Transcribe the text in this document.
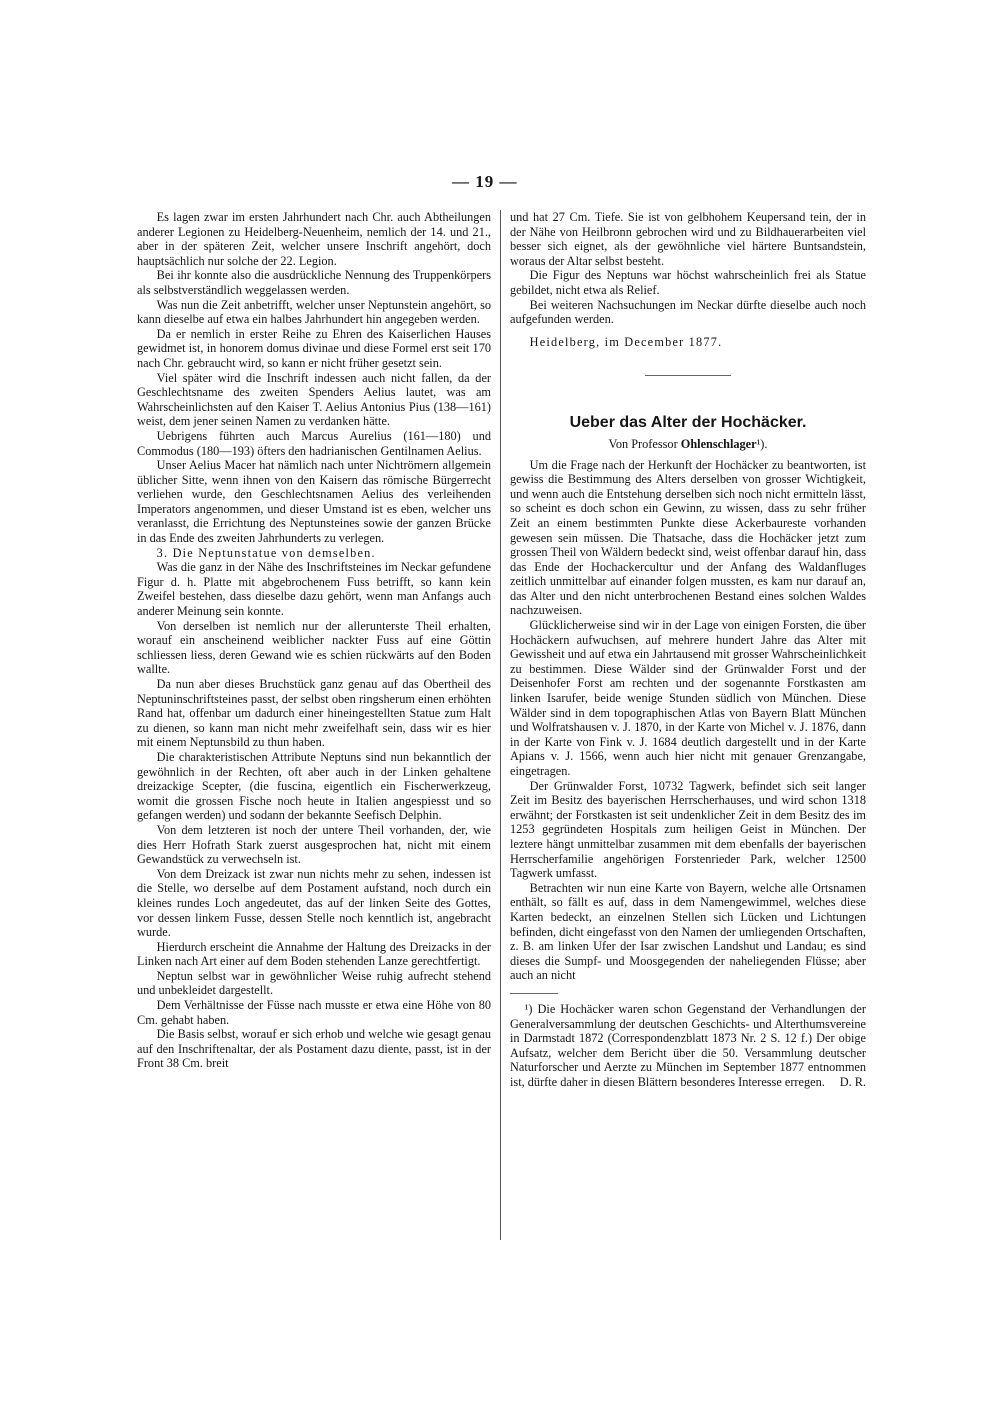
— 19 —

Es lagen zwar im ersten Jahrhundert nach Chr. auch Abtheilungen anderer Legionen zu Heidelberg-Neuenheim, nemlich der 14. und 21., aber in der späteren Zeit, welcher unsere Inschrift angehört, doch hauptsächlich nur solche der 22. Legion.

Bei ihr konnte also die ausdrückliche Nennung des Truppenkörpers als selbstverständlich weggelassen werden.

Was nun die Zeit anbetrifft, welcher unser Neptunstein angehört, so kann dieselbe auf etwa ein halbes Jahrhundert hin angegeben werden.

Da er nemlich in erster Reihe zu Ehren des Kaiserlichen Hauses gewidmet ist, in honorem domus divinae und diese Formel erst seit 170 nach Chr. gebraucht wird, so kann er nicht früher gesetzt sein.

Viel später wird die Inschrift indessen auch nicht fallen, da der Geschlechtsname des zweiten Spenders Aelius lautet, was am Wahrscheinlichsten auf den Kaiser T. Aelius Antonius Pius (138—161) weist, dem jener seinen Namen zu verdanken hätte.

Uebrigens führten auch Marcus Aurelius (161—180) und Commodus (180—193) öfters den hadrianischen Gentilnamen Aelius.

Unser Aelius Macer hat nämlich nach unter Nichtrömern allgemein üblicher Sitte, wenn ihnen von den Kaisern das römische Bürgerrecht verliehen wurde, den Geschlechtsnamen Aelius des verleihenden Imperators angenommen, und dieser Umstand ist es eben, welcher uns veranlasst, die Errichtung des Neptunsteines sowie der ganzen Brücke in das Ende des zweiten Jahrhunderts zu verlegen.

3. Die Neptunstatue von demselben.

Was die ganz in der Nähe des Inschriftsteines im Neckar gefundene Figur d. h. Platte mit abgebrochenem Fuss betrifft, so kann kein Zweifel bestehen, dass dieselbe dazu gehört, wenn man Anfangs auch anderer Meinung sein konnte.

Von derselben ist nemlich nur der allerunterste Theil erhalten, worauf ein anscheinend weiblicher nackter Fuss auf eine Göttin schliessen liess, deren Gewand wie es schien rückwärts auf den Boden wallte.

Da nun aber dieses Bruchstück ganz genau auf das Obertheil des Neptuninschriftsteines passt, der selbst oben ringsherum einen erhöhten Rand hat, offenbar um dadurch einer hineingestellten Statue zum Halt zu dienen, so kann man nicht mehr zweifelhaft sein, dass wir es hier mit einem Neptunsbild zu thun haben.

Die charakteristischen Attribute Neptuns sind nun bekanntlich der gewöhnlich in der Rechten, oft aber auch in der Linken gehaltene dreizackige Scepter, (die fuscina, eigentlich ein Fischerwerkzeug, womit die grossen Fische noch heute in Italien angespiesst und so gefangen werden) und sodann der bekannte Seefisch Delphin.

Von dem letzteren ist noch der untere Theil vorhanden, der, wie dies Herr Hofrath Stark zuerst ausgesprochen hat, nicht mit einem Gewandstück zu verwechseln ist.

Von dem Dreizack ist zwar nun nichts mehr zu sehen, indessen ist die Stelle, wo derselbe auf dem Postament aufstand, noch durch ein kleines rundes Loch angedeutet, das auf der linken Seite des Gottes, vor dessen linkem Fusse, dessen Stelle noch kenntlich ist, angebracht wurde.

Hierdurch erscheint die Annahme der Haltung des Dreizacks in der Linken nach Art einer auf dem Boden stehenden Lanze gerechtfertigt.

Neptun selbst war in gewöhnlicher Weise ruhig aufrecht stehend und unbekleidet dargestellt.

Dem Verhältnisse der Füsse nach musste er etwa eine Höhe von 80 Cm. gehabt haben.

Die Basis selbst, worauf er sich erhob und welche wie gesagt genau auf den Inschriftenaltar, der als Postament dazu diente, passt, ist in der Front 38 Cm. breit

und hat 27 Cm. Tiefe. Sie ist von gelbhohem Keupersand tein, der in der Nähe von Heilbronn gebrochen wird und zu Bildhauerarbeiten viel besser sich eignet, als der gewöhnliche viel härtere Buntsandstein, woraus der Altar selbst besteht.

Die Figur des Neptuns war höchst wahrscheinlich frei als Statue gebildet, nicht etwa als Relief.

Bei weiteren Nachsuchungen im Neckar dürfte dieselbe auch noch aufgefunden werden.

Heidelberg, im December 1877.

Ueber das Alter der Hochäcker.
Von Professor Ohlenschlager¹).

Um die Frage nach der Herkunft der Hochäcker zu beantworten, ist gewiss die Bestimmung des Alters derselben von grosser Wichtigkeit, und wenn auch die Entstehung derselben sich noch nicht ermitteln lässt, so scheint es doch schon ein Gewinn, zu wissen, dass zu sehr früher Zeit an einem bestimmten Punkte diese Ackerbaureste vorhanden gewesen sein müssen. Die Thatsache, dass die Hochäcker jetzt zum grossen Theil von Wäldern bedeckt sind, weist offenbar darauf hin, dass das Ende der Hochackercultur und der Anfang des Waldanfluges zeitlich unmittelbar auf einander folgen mussten, es kam nur darauf an, das Alter und den nicht unterbrochenen Bestand eines solchen Waldes nachzuweisen.

Glücklicherweise sind wir in der Lage von einigen Forsten, die über Hochäckern aufwuchsen, auf mehrere hundert Jahre das Alter mit Gewissheit und auf etwa ein Jahrtausend mit grosser Wahrscheinlichkeit zu bestimmen. Diese Wälder sind der Grünwalder Forst und der Deisenhofer Forst am rechten und der sogenannte Forstkasten am linken Isarufer, beide wenige Stunden südlich von München. Diese Wälder sind in dem topographischen Atlas von Bayern Blatt München und Wolfratshausen v. J. 1870, in der Karte von Michel v. J. 1876, dann in der Karte von Fink v. J. 1684 deutlich dargestellt und in der Karte Apians v. J. 1566, wenn auch hier nicht mit genauer Grenzangabe, eingetragen.

Der Grünwalder Forst, 10732 Tagwerk, befindet sich seit langer Zeit im Besitz des bayerischen Herrscherhauses, und wird schon 1318 erwähnt; der Forstkasten ist seit undenklicher Zeit in dem Besitz des im 1253 gegründeten Hospitals zum heiligen Geist in München. Der leztere hängt unmittelbar zusammen mit dem ebenfalls der bayerischen Herrscherfamilie angehörigen Forstenrieder Park, welcher 12500 Tagwerk umfasst.

Betrachten wir nun eine Karte von Bayern, welche alle Ortsnamen enthält, so fällt es auf, dass in dem Namengewimmel, welches diese Karten bedeckt, an einzelnen Stellen sich Lücken und Lichtungen befinden, dicht eingefasst von den Namen der umliegenden Ortschaften, z. B. am linken Ufer der Isar zwischen Landshut und Landau; es sind dieses die Sumpf- und Moosgegenden der naheliegenden Flüsse; aber auch an nicht

¹) Die Hochäcker waren schon Gegenstand der Verhandlungen der Generalversammlung der deutschen Geschichts- und Alterthumsvereine in Darmstadt 1872 (Correspondenzblatt 1873 Nr. 2 S. 12 f.) Der obige Aufsatz, welcher dem Bericht über die 50. Versammlung deutscher Naturforscher und Aerzte zu München im September 1877 entnommen ist, dürfte daher in diesen Blättern besonderes Interesse erregen.	D. R.
